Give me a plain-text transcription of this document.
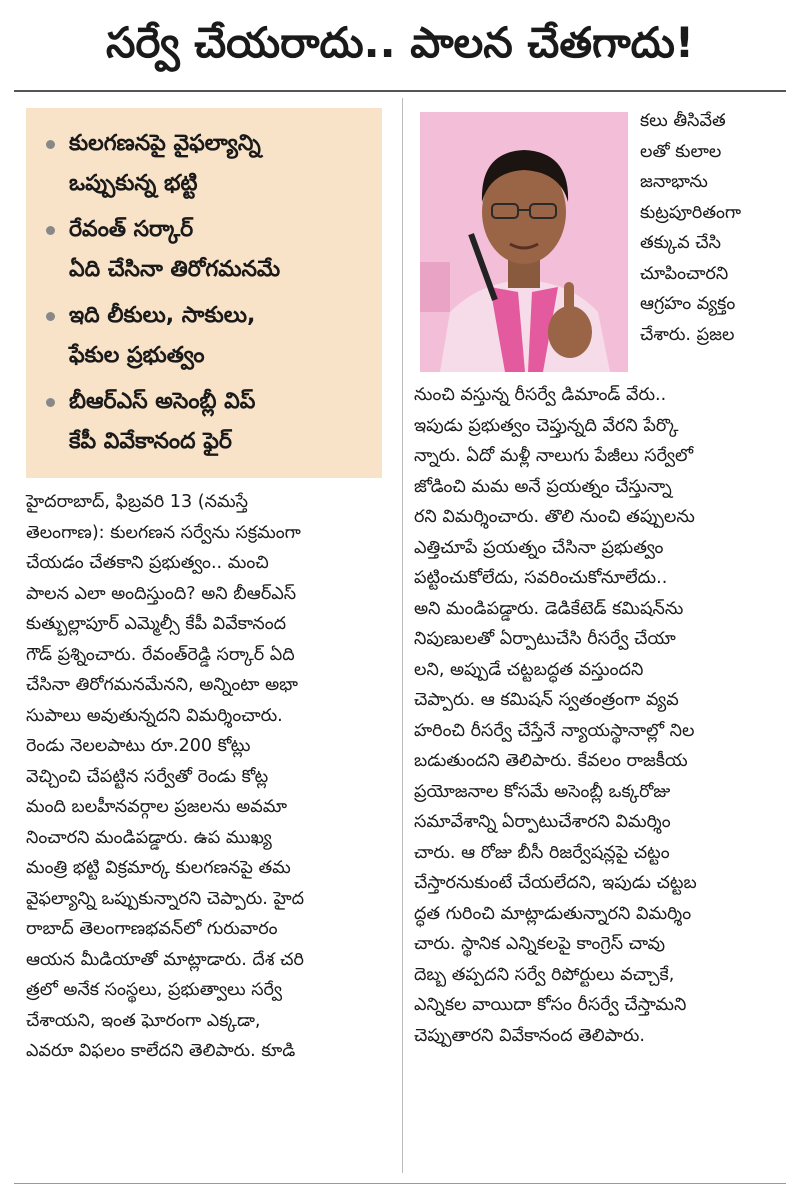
సర్వే చేయరాదు.. పాలన చేతగాదు!
కులగణనపై వైఫల్యాన్ని
ఒప్పుకున్న భట్టి
రేవంత్‌ సర్కార్‌
ఏది చేసినా తిరోగమనమే
ఇది లీకులు, సాకులు,
ఫేకుల ప్రభుత్వం
బీఆర్‌ఎస్‌ అసెంబ్లీ విప్‌
కేపీ వివేకానంద ఫైర్‌
కలు తీసివేత
లతో కులాల
జనాభాను
కుట్రపూరితంగా
తక్కువ చేసి
చూపించారని
ఆగ్రహం వ్యక్తం
చేశారు. ప్రజల
హైదరాబాద్‌, ఫిబ్రవరి 13 (నమస్తే
తెలంగాణ): కులగణన సర్వేను సక్రమంగా
చేయడం చేతకాని ప్రభుత్వం.. మంచి
పాలన ఎలా అందిస్తుంది? అని బీఆర్‌ఎస్‌
కుత్బుల్లాపూర్‌ ఎమ్మెల్సీ కేపీ వివేకానంద
గౌడ్‌ ప్రశ్నించారు. రేవంత్‌రెడ్డి సర్కార్‌ ఏది
చేసినా తిరోగమనమేనని, అన్నింటా అభా
సుపాలు అవుతున్నదని విమర్శించారు.
రెండు నెలలపాటు రూ.200 కోట్లు
వెచ్చించి చేపట్టిన సర్వేతో రెండు కోట్ల
మంది బలహీనవర్గాల ప్రజలను అవమా
నించారని మండిపడ్డారు. ఉప ముఖ్య
మంత్రి భట్టి విక్రమార్క కులగణనపై తమ
వైఫల్యాన్ని ఒప్పుకున్నారని చెప్పారు. హైద
రాబాద్‌ తెలంగాణభవన్‌లో గురువారం
ఆయన మీడియాతో మాట్లాడారు. దేశ చరి
త్రలో అనేక సంస్థలు, ప్రభుత్వాలు సర్వే
చేశాయని, ఇంత ఘోరంగా ఎక్కడా,
ఎవరూ విఫలం కాలేదని తెలిపారు. కూడి
నుంచి వస్తున్న రీసర్వే డిమాండ్‌ వేరు..
ఇపుడు ప్రభుత్వం చెప్తున్నది వేరని పేర్కొ
న్నారు. ఏదో మళ్లీ నాలుగు పేజీలు సర్వేలో
జోడించి మమ అనే ప్రయత్నం చేస్తున్నా
రని విమర్శించారు. తొలి నుంచి తప్పులను
ఎత్తిచూపే ప్రయత్నం చేసినా ప్రభుత్వం
పట్టించుకోలేదు, సవరించుకోనూలేదు..
అని మండిపడ్డారు. డెడికేటెడ్‌ కమిషన్‌ను
నిపుణులతో ఏర్పాటుచేసి రీసర్వే చేయా
లని, అప్పుడే చట్టబద్ధత వస్తుందని
చెప్పారు. ఆ కమిషన్‌ స్వతంత్రంగా వ్యవ
హరించి రీసర్వే చేస్తేనే న్యాయస్థానాల్లో నిల
బడుతుందని తెలిపారు. కేవలం రాజకీయ
ప్రయోజనాల కోసమే అసెంబ్లీ ఒక్కరోజు
సమావేశాన్ని ఏర్పాటుచేశారని విమర్శిం
చారు. ఆ రోజు బీసీ రిజర్వేషన్లపై చట్టం
చేస్తారనుకుంటే చేయలేదని, ఇపుడు చట్టబ
ద్ధత గురించి మాట్లాడుతున్నారని విమర్శిం
చారు. స్థానిక ఎన్నికలపై కాంగ్రెస్‌ చావు
దెబ్బ తప్పదని సర్వే రిపోర్టులు వచ్చాకే,
ఎన్నికల వాయిదా కోసం రీసర్వే చేస్తామని
చెప్పుతారని వివేకానంద తెలిపారు.
